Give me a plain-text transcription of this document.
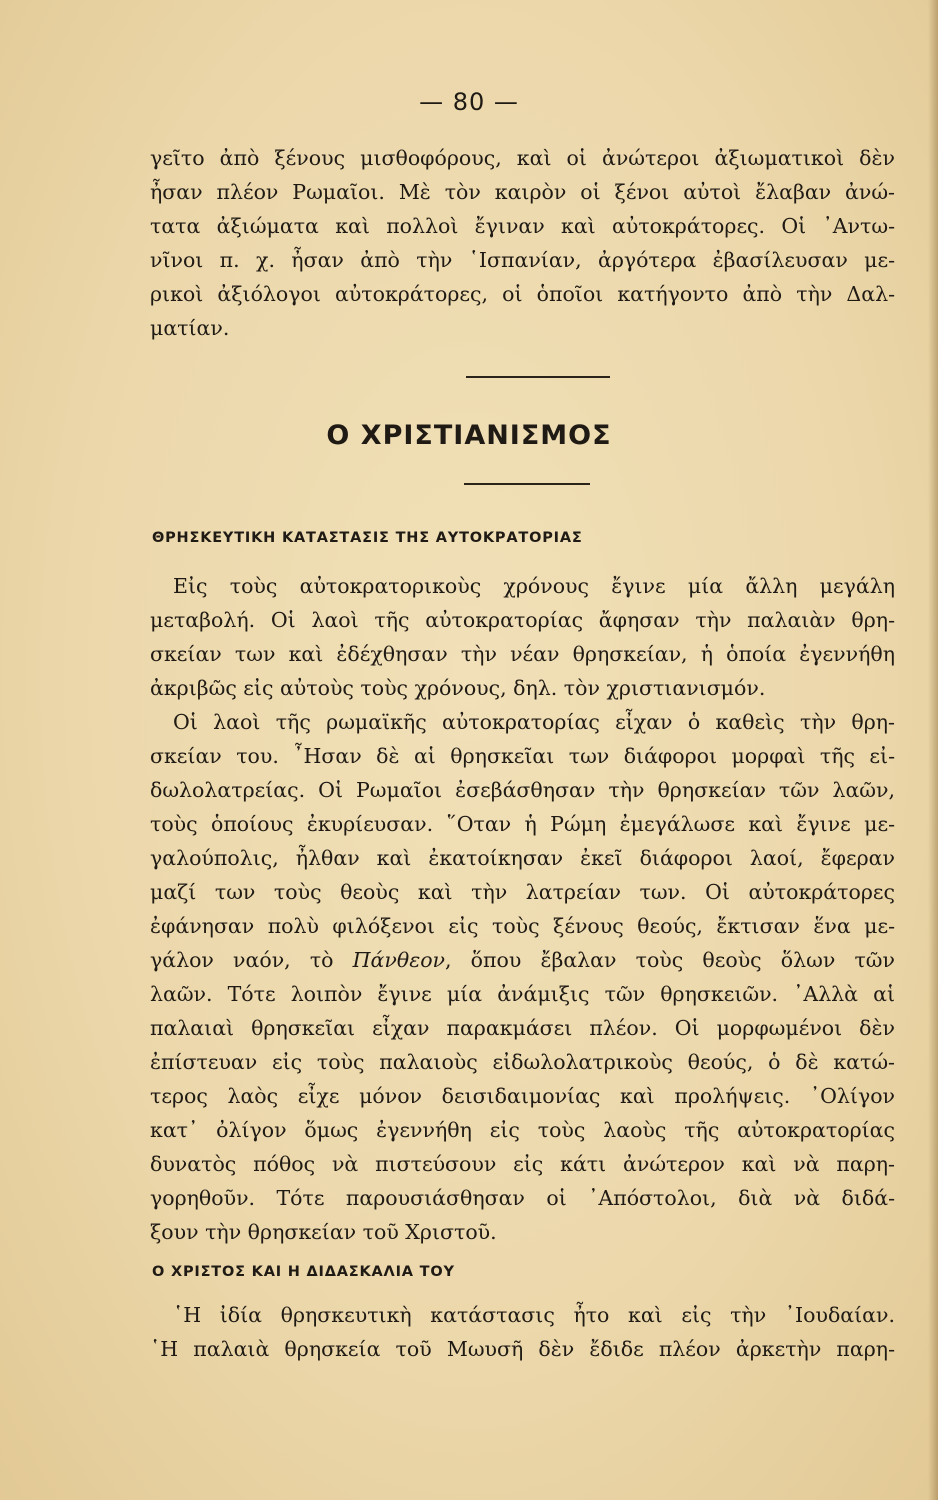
— 80 —
γεῖτο ἀπὸ ξένους μισθοφόρους, καὶ οἱ ἀνώτεροι ἀξιωματικοὶ δὲν
ἦσαν πλέον Ρωμαῖοι. Μὲ τὸν καιρὸν οἱ ξένοι αὐτοὶ ἔλαβαν ἀνώ-
τατα ἀξιώματα καὶ πολλοὶ ἔγιναν καὶ αὐτοκράτορες. Οἱ ᾿Αντω-
νῖνοι π. χ. ἦσαν ἀπὸ τὴν ῾Ισπανίαν, ἀργότερα ἐβασίλευσαν με-
ρικοὶ ἀξιόλογοι αὐτοκράτορες, οἱ ὁποῖοι κατήγοντο ἀπὸ τὴν Δαλ-
ματίαν.
Ο ΧΡΙΣΤΙΑΝΙΣΜΟΣ
ΘΡΗΣΚΕΥΤΙΚΗ ΚΑΤΑΣΤΑΣΙΣ ΤΗΣ ΑΥΤΟΚΡΑΤΟΡΙΑΣ
Εἰς τοὺς αὐτοκρατορικοὺς χρόνους ἔγινε μία ἄλλη μεγάλη
μεταβολή. Οἱ λαοὶ τῆς αὐτοκρατορίας ἄφησαν τὴν παλαιὰν θρη-
σκείαν των καὶ ἐδέχθησαν τὴν νέαν θρησκείαν, ἡ ὁποία ἐγεννήθη
ἀκριβῶς εἰς αὐτοὺς τοὺς χρόνους, δηλ. τὸν χριστιανισμόν.
Οἱ λαοὶ τῆς ρωμαϊκῆς αὐτοκρατορίας εἶχαν ὁ καθεὶς τὴν θρη-
σκείαν του. ῏Ησαν δὲ αἱ θρησκεῖαι των διάφοροι μορφαὶ τῆς εἰ-
δωλολατρείας. Οἱ Ρωμαῖοι ἐσεβάσθησαν τὴν θρησκείαν τῶν λαῶν,
τοὺς ὁποίους ἐκυρίευσαν. ῞Οταν ἡ Ρώμη ἐμεγάλωσε καὶ ἔγινε με-
γαλούπολις, ἦλθαν καὶ ἐκατοίκησαν ἐκεῖ διάφοροι λαοί, ἔφεραν
μαζί των τοὺς θεοὺς καὶ τὴν λατρείαν των. Οἱ αὐτοκράτορες
ἐφάνησαν πολὺ φιλόξενοι εἰς τοὺς ξένους θεούς, ἔκτισαν ἕνα με-
γάλον ναόν, τὸ Πάνθεον, ὅπου ἔβαλαν τοὺς θεοὺς ὅλων τῶν
λαῶν. Τότε λοιπὸν ἔγινε μία ἀνάμιξις τῶν θρησκειῶν. ᾿Αλλὰ αἱ
παλαιαὶ θρησκεῖαι εἶχαν παρακμάσει πλέον. Οἱ μορφωμένοι δὲν
ἐπίστευαν εἰς τοὺς παλαιοὺς εἰδωλολατρικοὺς θεούς, ὁ δὲ κατώ-
τερος λαὸς εἶχε μόνον δεισιδαιμονίας καὶ προλήψεις. ᾿Ολίγον
κατ᾿ ὀλίγον ὅμως ἐγεννήθη εἰς τοὺς λαοὺς τῆς αὐτοκρατορίας
δυνατὸς πόθος νὰ πιστεύσουν εἰς κάτι ἀνώτερον καὶ νὰ παρη-
γορηθοῦν. Τότε παρουσιάσθησαν οἱ ᾿Απόστολοι, διὰ νὰ διδά-
ξουν τὴν θρησκείαν τοῦ Χριστοῦ.
Ο ΧΡΙΣΤΟΣ ΚΑΙ Η ΔΙΔΑΣΚΑΛΙΑ ΤΟΥ
῾Η ἰδία θρησκευτικὴ κατάστασις ἦτο καὶ εἰς τὴν ᾿Ιουδαίαν.
῾Η παλαιὰ θρησκεία τοῦ Μωυσῆ δὲν ἔδιδε πλέον ἀρκετὴν παρη-
